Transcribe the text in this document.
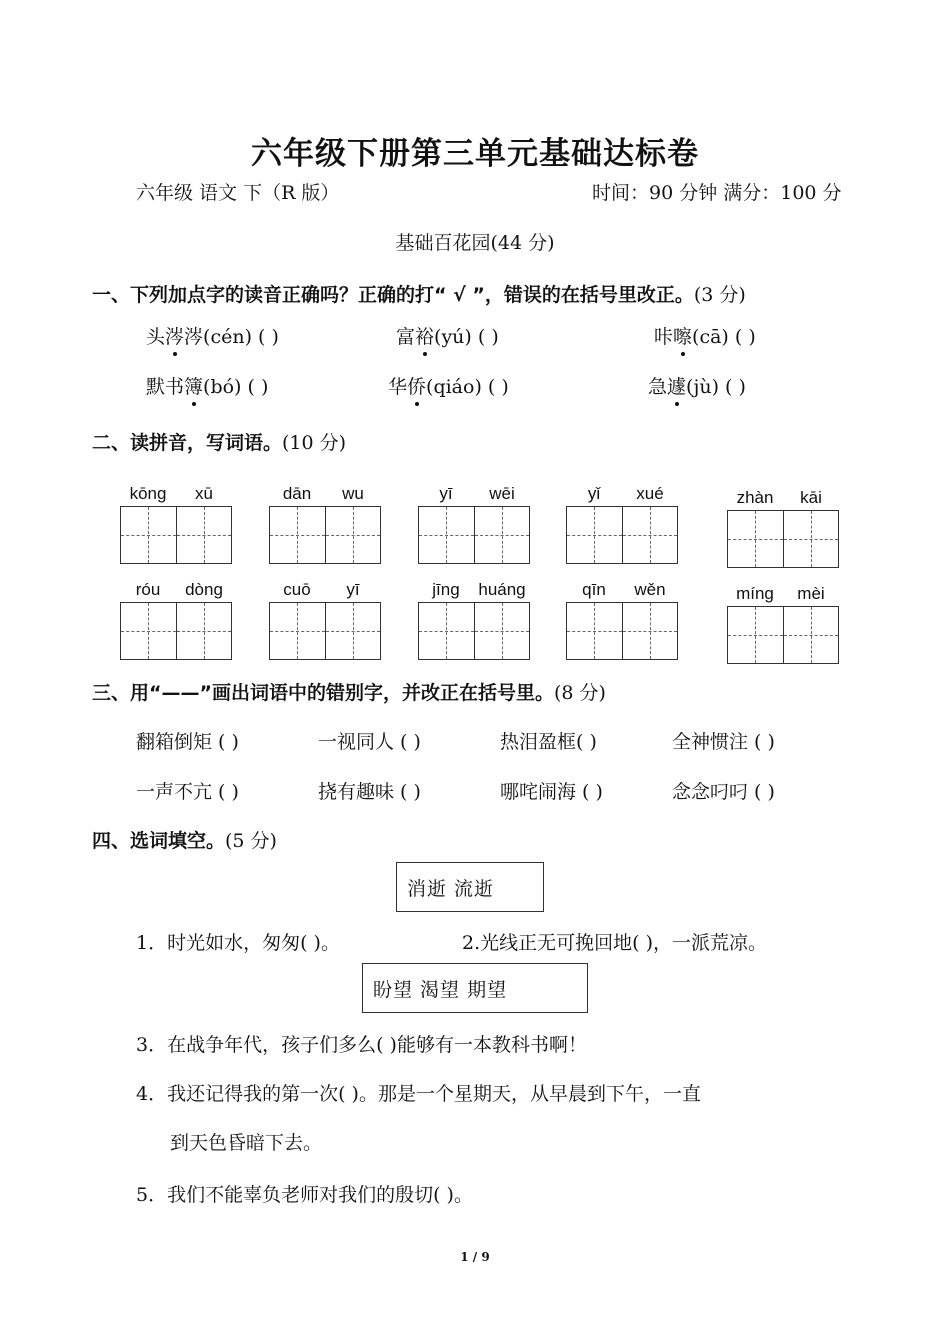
六年级下册第三单元基础达标卷
六年级 语文 下（R 版）	时间：90 分钟 满分：100 分
基础百花园(44 分)
一、下列加点字的读音正确吗？正确的打“ √ ”，错误的在括号里改正。(3 分)
头涔涔(cén) ( )	富裕(yú) ( )	咔嚓(cā) ( )
默书簿(bó) ( )	华侨(qiáo) ( )	急遽(jù) ( )
二、读拼音，写词语。(10 分)
kōng	xū	dān	wu	yī	wēi	yǐ	xué	zhàn	kāi
róu	dòng	cuō	yī	jīng	huáng	qīn	wěn	míng	mèi
三、用“——”画出词语中的错别字，并改正在括号里。(8 分)
翻箱倒矩 ( )	一视同人 ( )	热泪盈框( )	全神惯注 ( )
一声不亢 ( )	挠有趣味 ( )	哪咤闹海 ( )	念念叼叼 ( )
四、选词填空。(5 分)
消逝 流逝
1．时光如水，匆匆( )。	2.光线正无可挽回地( )，一派荒凉。
盼望 渴望 期望
3．在战争年代，孩子们多么( )能够有一本教科书啊！
4．我还记得我的第一次( )。那是一个星期天，从早晨到下午，一直
到天色昏暗下去。
5．我们不能辜负老师对我们的殷切( )。
1 / 9
